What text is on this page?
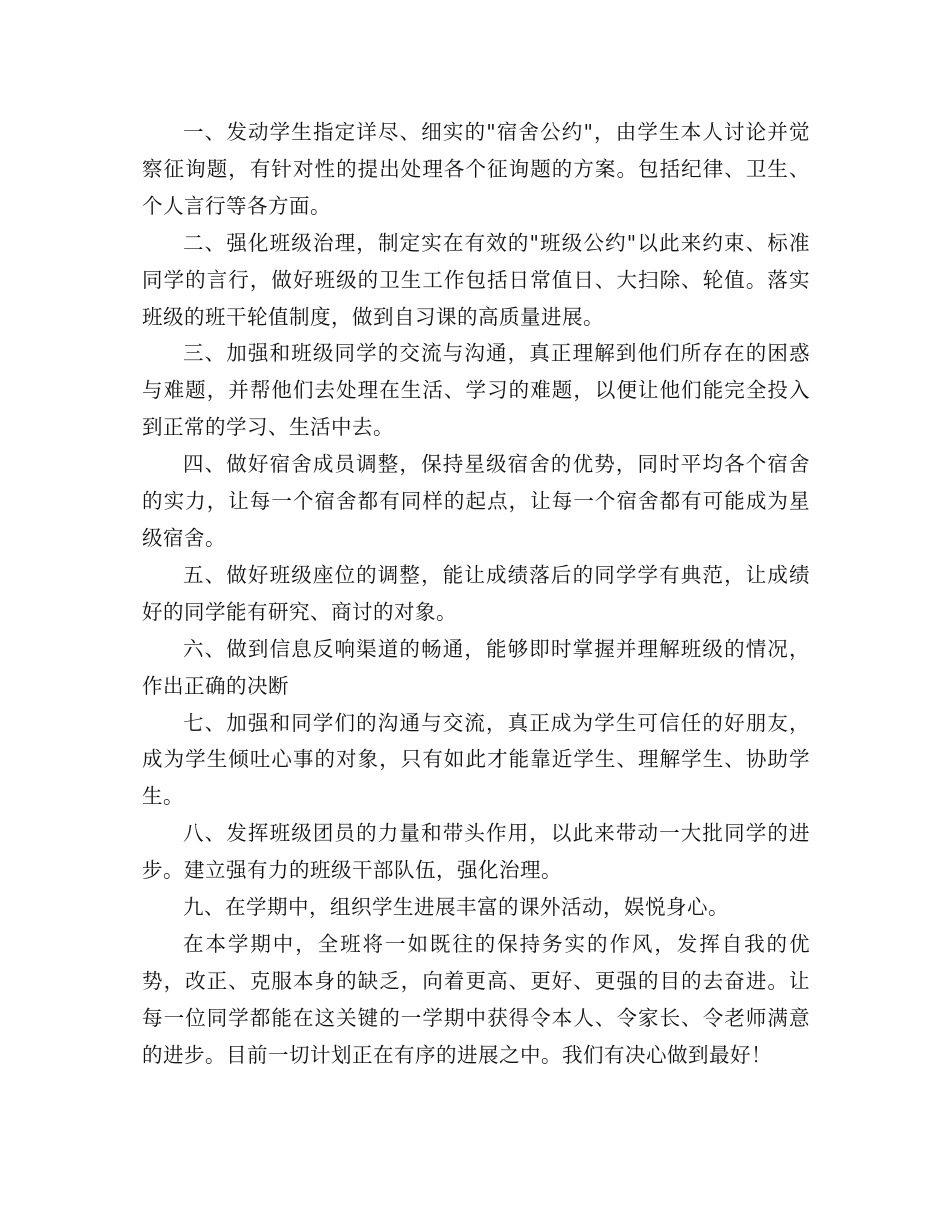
一、发动学生指定详尽、细实的"宿舍公约"，由学生本人讨论并觉察征询题，有针对性的提出处理各个征询题的方案。包括纪律、卫生、个人言行等各方面。

二、强化班级治理，制定实在有效的"班级公约"以此来约束、标准同学的言行，做好班级的卫生工作包括日常值日、大扫除、轮值。落实班级的班干轮值制度，做到自习课的高质量进展。

三、加强和班级同学的交流与沟通，真正理解到他们所存在的困惑与难题，并帮他们去处理在生活、学习的难题，以便让他们能完全投入到正常的学习、生活中去。

四、做好宿舍成员调整，保持星级宿舍的优势，同时平均各个宿舍的实力，让每一个宿舍都有同样的起点，让每一个宿舍都有可能成为星级宿舍。

五、做好班级座位的调整，能让成绩落后的同学学有典范，让成绩好的同学能有研究、商讨的对象。

六、做到信息反响渠道的畅通，能够即时掌握并理解班级的情况，作出正确的决断

七、加强和同学们的沟通与交流，真正成为学生可信任的好朋友，成为学生倾吐心事的对象，只有如此才能靠近学生、理解学生、协助学生。

八、发挥班级团员的力量和带头作用，以此来带动一大批同学的进步。建立强有力的班级干部队伍，强化治理。

九、在学期中，组织学生进展丰富的课外活动，娱悦身心。

在本学期中，全班将一如既往的保持务实的作风，发挥自我的优势，改正、克服本身的缺乏，向着更高、更好、更强的目的去奋进。让每一位同学都能在这关键的一学期中获得令本人、令家长、令老师满意的进步。目前一切计划正在有序的进展之中。我们有决心做到最好！
